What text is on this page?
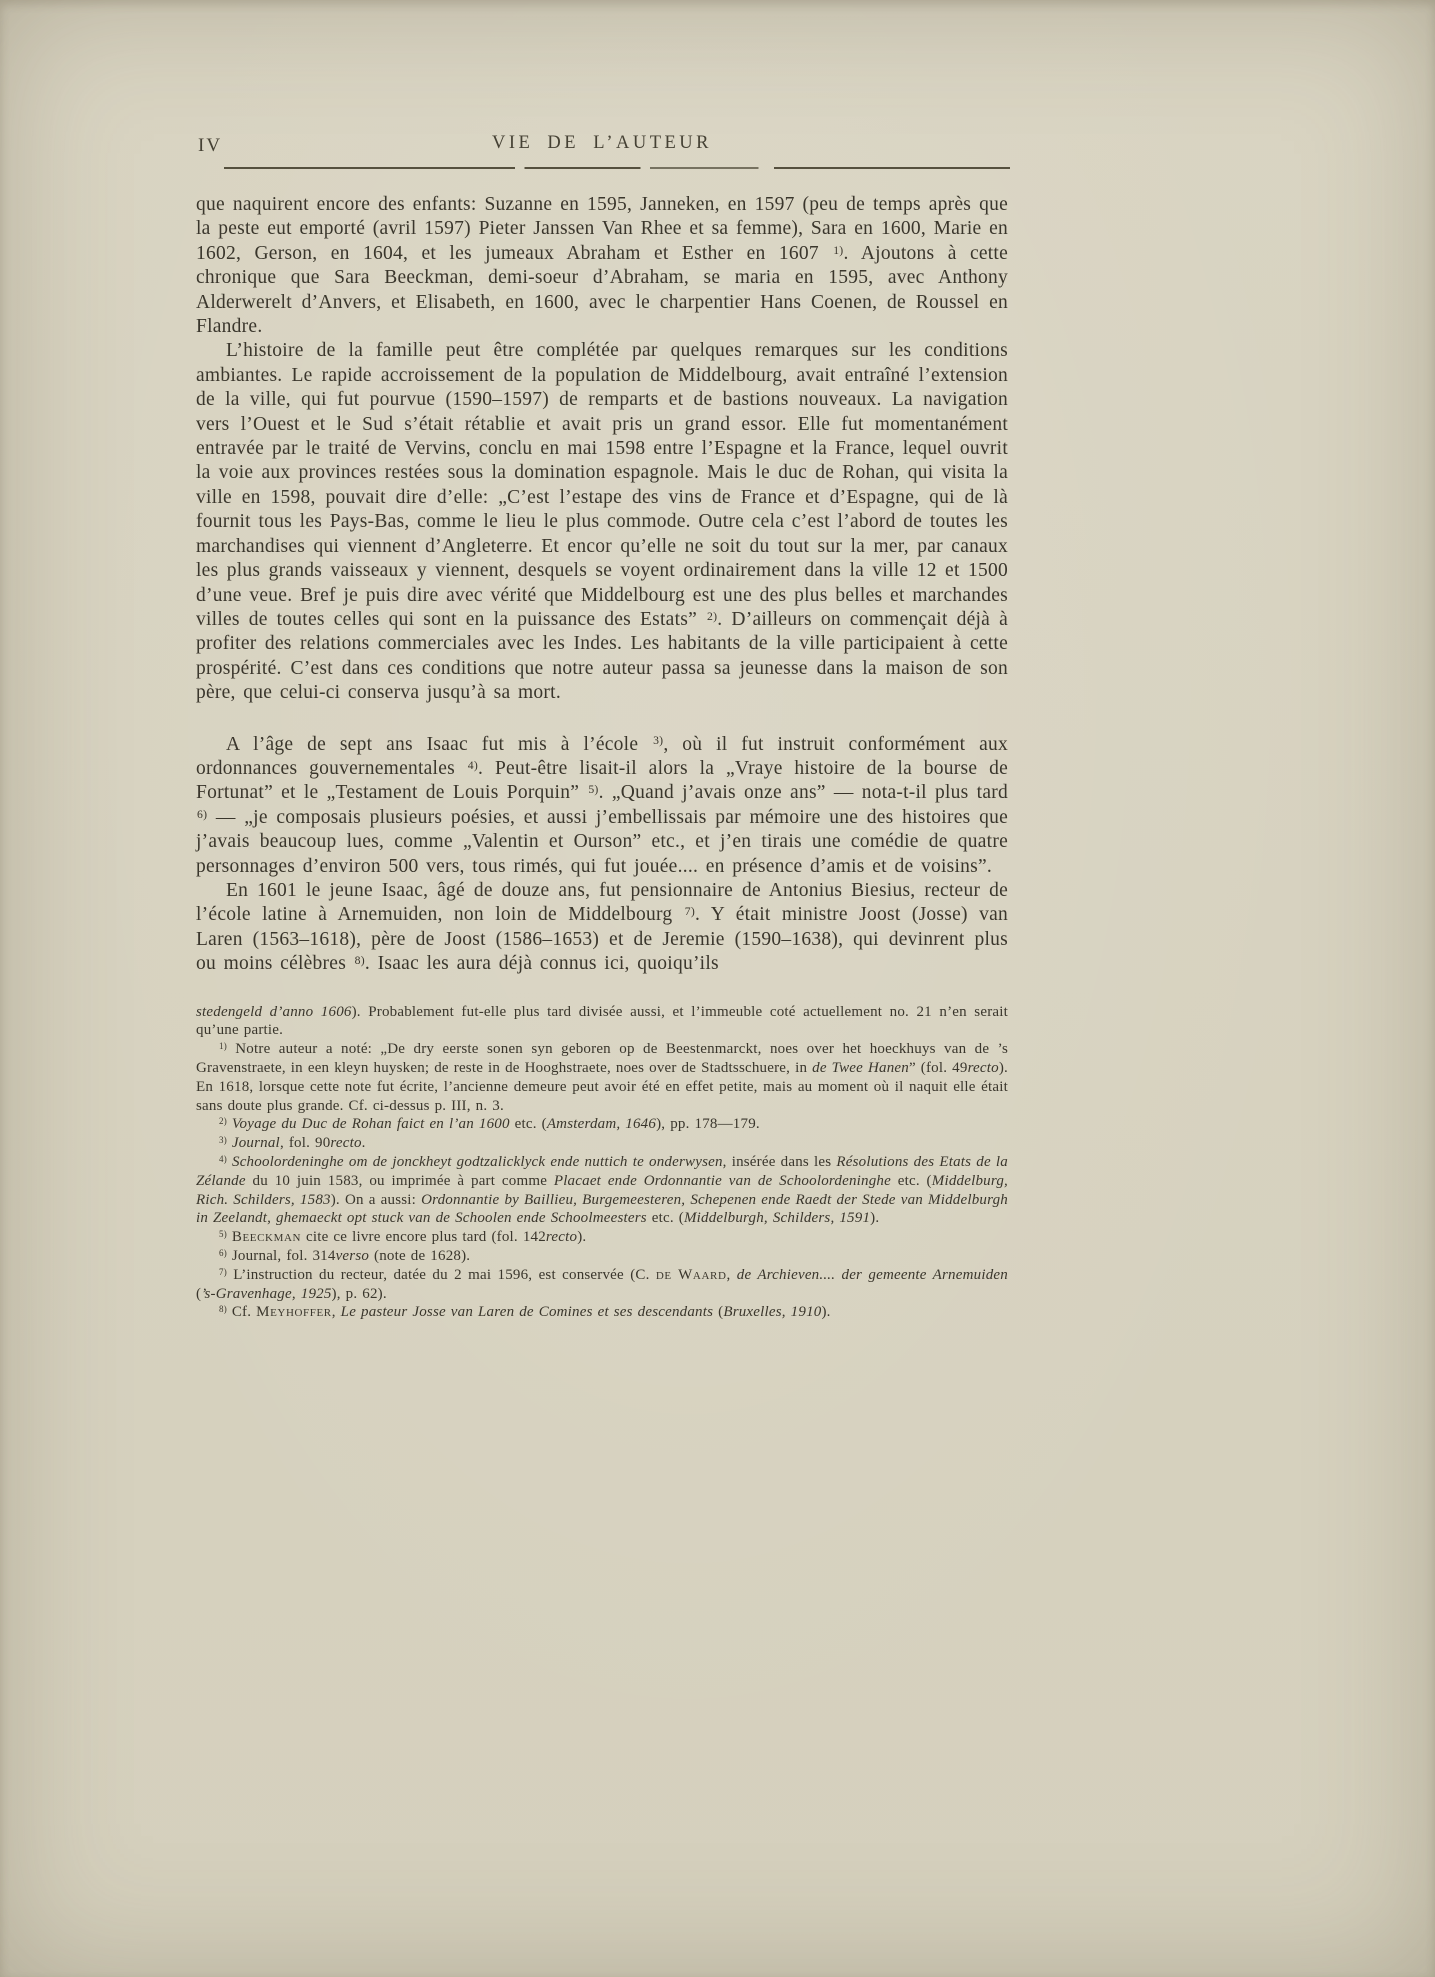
IV	VIE DE L’AUTEUR

que naquirent encore des enfants: Suzanne en 1595, Janneken, en 1597 (peu de temps après que la peste eut emporté (avril 1597) Pieter Janssen Van Rhee et sa femme), Sara en 1600, Marie en 1602, Gerson, en 1604, et les jumeaux Abraham et Esther en 1607 $^{1)}$. Ajoutons à cette chronique que Sara Beeckman, demi-soeur d’Abraham, se maria en 1595, avec Anthony Alderwerelt d’Anvers, et Elisabeth, en 1600, avec le charpentier Hans Coenen, de Roussel en Flandre.

L’histoire de la famille peut être complétée par quelques remarques sur les conditions ambiantes. Le rapide accroissement de la population de Middelbourg, avait entraîné l’extension de la ville, qui fut pourvue (1590–1597) de remparts et de bastions nouveaux. La navigation vers l’Ouest et le Sud s’était rétablie et avait pris un grand essor. Elle fut momentanément entravée par le traité de Vervins, conclu en mai 1598 entre l’Espagne et la France, lequel ouvrit la voie aux provinces restées sous la domination espagnole. Mais le duc de Rohan, qui visita la ville en 1598, pouvait dire d’elle: „C’est l’estape des vins de France et d’Espagne, qui de là fournit tous les Pays-Bas, comme le lieu le plus commode. Outre cela c’est l’abord de toutes les marchandises qui viennent d’Angleterre. Et encor qu’elle ne soit du tout sur la mer, par canaux les plus grands vaisseaux y viennent, desquels se voyent ordinairement dans la ville 12 et 1500 d’une veue. Bref je puis dire avec vérité que Middelbourg est une des plus belles et marchandes villes de toutes celles qui sont en la puissance des Estats” $^{2)}$. D’ailleurs on commençait déjà à profiter des relations commerciales avec les Indes. Les habitants de la ville participaient à cette prospérité. C’est dans ces conditions que notre auteur passa sa jeunesse dans la maison de son père, que celui-ci conserva jusqu’à sa mort.

A l’âge de sept ans Isaac fut mis à l’école $^{3)}$, où il fut instruit conformément aux ordonnances gouvernementales $^{4)}$. Peut-être lisait-il alors la „Vraye histoire de la bourse de Fortunat” et le „Testament de Louis Porquin” $^{5)}$. „Quand j’avais onze ans” — nota-t-il plus tard $^{6)}$ — „je composais plusieurs poésies, et aussi j’embellissais par mémoire une des histoires que j’avais beaucoup lues, comme „Valentin et Ourson” etc., et j’en tirais une comédie de quatre personnages d’environ 500 vers, tous rimés, qui fut jouée.... en présence d’amis et de voisins”.

En 1601 le jeune Isaac, âgé de douze ans, fut pensionnaire de Antonius Biesius, recteur de l’école latine à Arnemuiden, non loin de Middelbourg $^{7)}$. Y était ministre Joost (Josse) van Laren (1563–1618), père de Joost (1586–1653) et de Jeremie (1590–1638), qui devinrent plus ou moins célèbres $^{8)}$. Isaac les aura déjà connus ici, quoiqu’ils

stedengeld d’anno 1606). Probablement fut-elle plus tard divisée aussi, et l’immeuble coté actuellement no. 21 n’en serait qu’une partie.

$^{1)}$ Notre auteur a noté: „De dry eerste sonen syn geboren op de Beestenmarckt, noes over het hoeckhuys van de ’s Gravenstraete, in een kleyn huysken; de reste in de Hooghstraete, noes over de Stadtsschuere, in de Twee Hanen” (fol. 49recto). En 1618, lorsque cette note fut écrite, l’ancienne demeure peut avoir été en effet petite, mais au moment où il naquit elle était sans doute plus grande. Cf. ci-dessus p. III, n. 3.

$^{2)}$ Voyage du Duc de Rohan faict en l’an 1600 etc. (Amsterdam, 1646), pp. 178—179.

$^{3)}$ Journal, fol. 90recto.

$^{4)}$ Schoolordeninghe om de jonckheyt godtzalicklyck ende nuttich te onderwysen, insérée dans les Résolutions des Etats de la Zélande du 10 juin 1583, ou imprimée à part comme Placaet ende Ordonnantie van de Schoolordeninghe etc. (Middelburg, Rich. Schilders, 1583). On a aussi: Ordonnantie by Baillieu, Burgemeesteren, Schepenen ende Raedt der Stede van Middelburgh in Zeelandt, ghemaeckt opt stuck van de Schoolen ende Schoolmeesters etc. (Middelburgh, Schilders, 1591).

$^{5)}$ Beeckman cite ce livre encore plus tard (fol. 142recto).

$^{6)}$ Journal, fol. 314verso (note de 1628).

$^{7)}$ L’instruction du recteur, datée du 2 mai 1596, est conservée (C. de Waard, de Archieven.... der gemeente Arnemuiden (’s-Gravenhage, 1925), p. 62).

$^{8)}$ Cf. Meyhoffer, Le pasteur Josse van Laren de Comines et ses descendants (Bruxelles, 1910).
